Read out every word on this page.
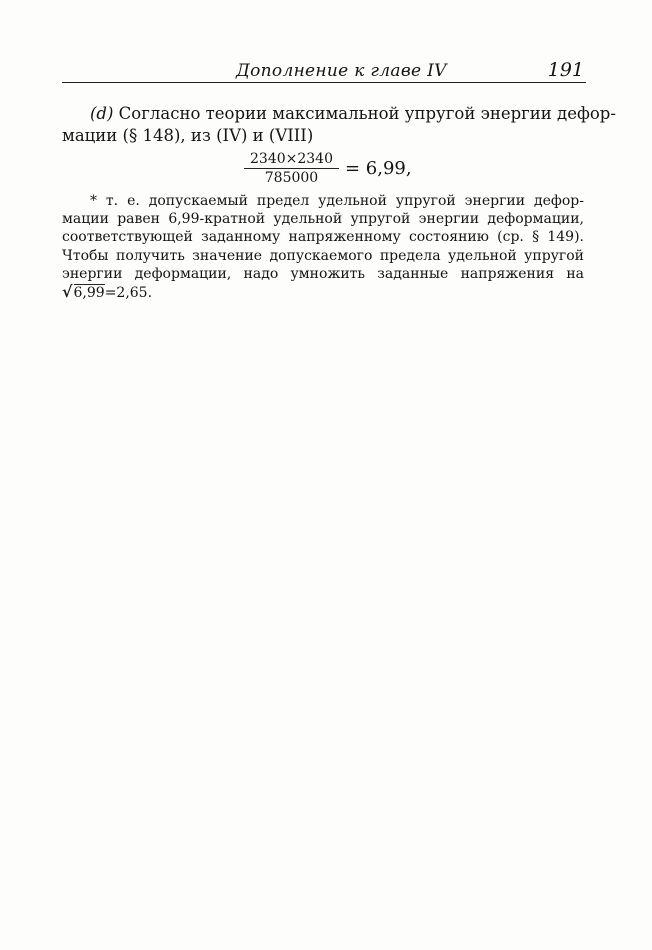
Дополнение к главе IV	191
(d) Согласно теории максимальной упругой энергии дефор-
мации (§ 148), из (IV) и (VIII)
$\frac{2340\times 2340}{785000} = 6,99$,
* т. е. допускаемый предел удельной упругой энергии дефор-
мации равен 6,99-кратной удельной упругой энергии деформации,
соответствующей заданному напряженному состоянию (ср. § 149).
Чтобы получить значение допускаемого предела удельной упругой
энергии деформации, надо умножить заданные напряжения на
√6,99=2,65.
